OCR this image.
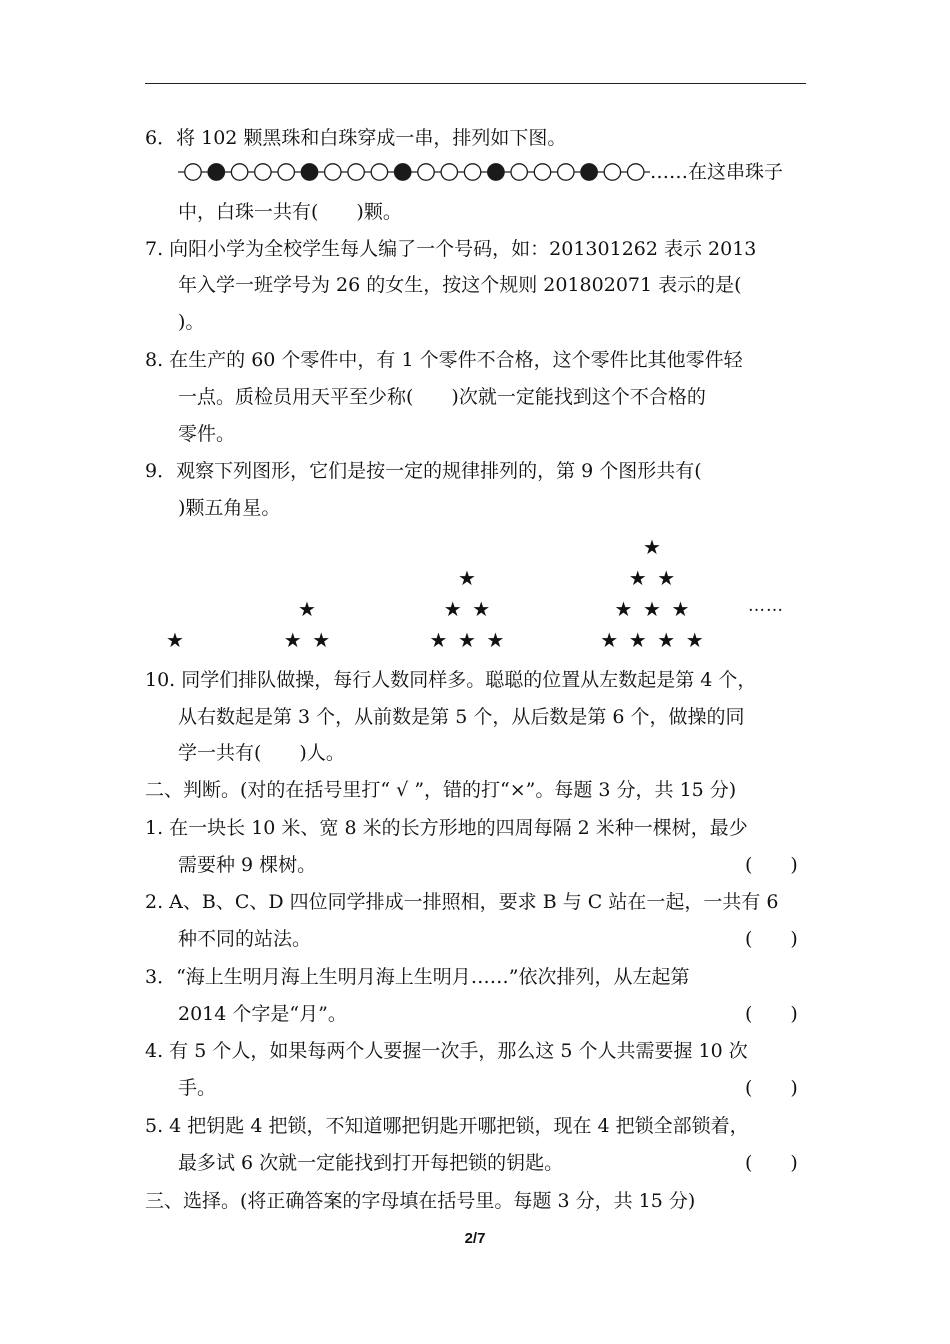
6．将 102 颗黑珠和白珠穿成一串，排列如下图。
……在这串珠子
中，白珠一共有(　　)颗。
7. 向阳小学为全校学生每人编了一个号码，如：201301262 表示 2013
年入学一班学号为 26 的女生，按这个规则 201802071 表示的是(
)。
8. 在生产的 60 个零件中，有 1 个零件不合格，这个零件比其他零件轻
一点。质检员用天平至少称(　　)次就一定能找到这个不合格的
零件。
9．观察下列图形，它们是按一定的规律排列的，第 9 个图形共有(
)颗五角星。
★
★
★ ★
★
★ ★
★ ★ ★
★
★ ★
★ ★ ★
★ ★ ★ ★
……
10. 同学们排队做操，每行人数同样多。聪聪的位置从左数起是第 4 个，
从右数起是第 3 个，从前数是第 5 个，从后数是第 6 个，做操的同
学一共有(　　)人。
二、判断。(对的在括号里打“ √ ”，错的打“×”。每题 3 分，共 15 分)
1. 在一块长 10 米、宽 8 米的长方形地的四周每隔 2 米种一棵树，最少
需要种 9 棵树。	(　　)
2. A、B、C、D 四位同学排成一排照相，要求 B 与 C 站在一起，一共有 6
种不同的站法。	(　　)
3．“海上生明月海上生明月海上生明月……”依次排列，从左起第
2014 个字是“月”。	(　　)
4. 有 5 个人，如果每两个人要握一次手，那么这 5 个人共需要握 10 次
手。	(　　)
5. 4 把钥匙 4 把锁，不知道哪把钥匙开哪把锁，现在 4 把锁全部锁着，
最多试 6 次就一定能找到打开每把锁的钥匙。	(　　)
三、选择。(将正确答案的字母填在括号里。每题 3 分，共 15 分)
2/7
